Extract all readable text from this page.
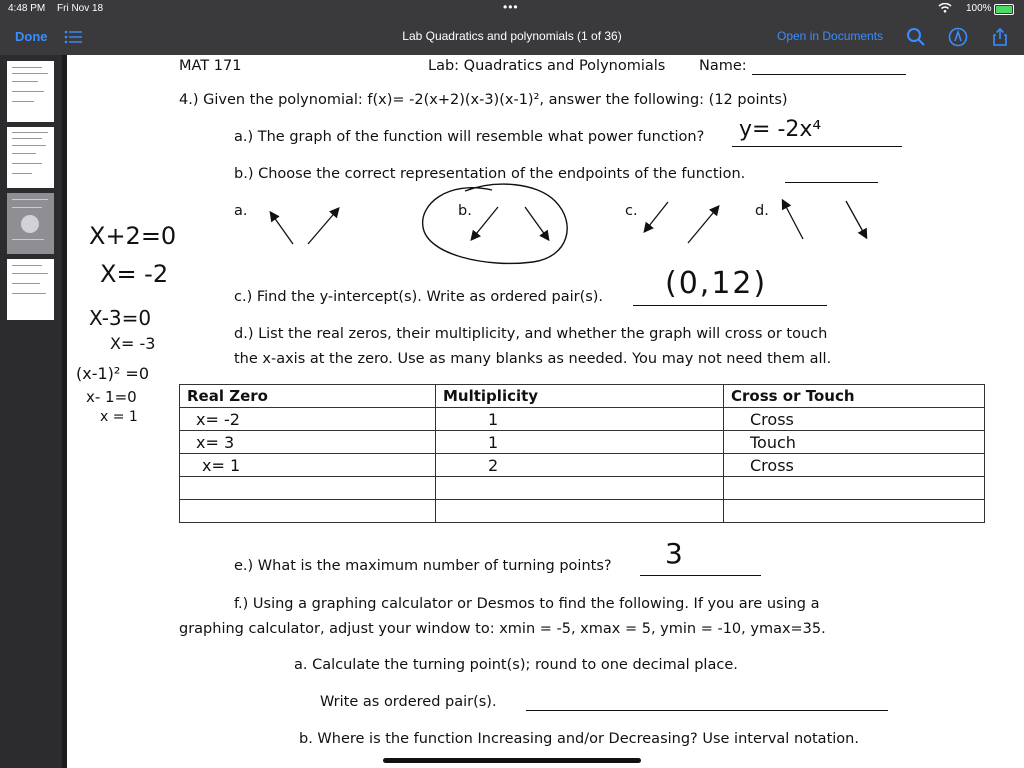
4:48 PM Fri Nov 18	•••	100%
Done	Lab Quadratics and polynomials (1 of 36)	Open in Documents
MAT 171	Lab: Quadratics and Polynomials Name:
4.) Given the polynomial: f(x)= -2(x+2)(x-3)(x-1)², answer the following: (12 points)
a.) The graph of the function will resemble what power function? y= -2x⁴
b.) Choose the correct representation of the endpoints of the function.
a.	b.	c.	d.
c.) Find the y-intercept(s). Write as ordered pair(s). (0,12)
d.) List the real zeros, their multiplicity, and whether the graph will cross or touch
the x-axis at the zero. Use as many blanks as needed. You may not need them all.
Real Zero	Multiplicity	Cross or Touch
x= -2	1	Cross
x= 3	1	Touch
x= 1	2	Cross

e.) What is the maximum number of turning points? 3
f.) Using a graphing calculator or Desmos to find the following. If you are using a
graphing calculator, adjust your window to: xmin = -5, xmax = 5, ymin = -10, ymax=35.
a. Calculate the turning point(s); round to one decimal place.
Write as ordered pair(s).
b. Where is the function Increasing and/or Decreasing? Use interval notation.
X+2=0
X= -2
X-3=0
X= -3
(x-1)² =0
x- 1=0
x = 1
